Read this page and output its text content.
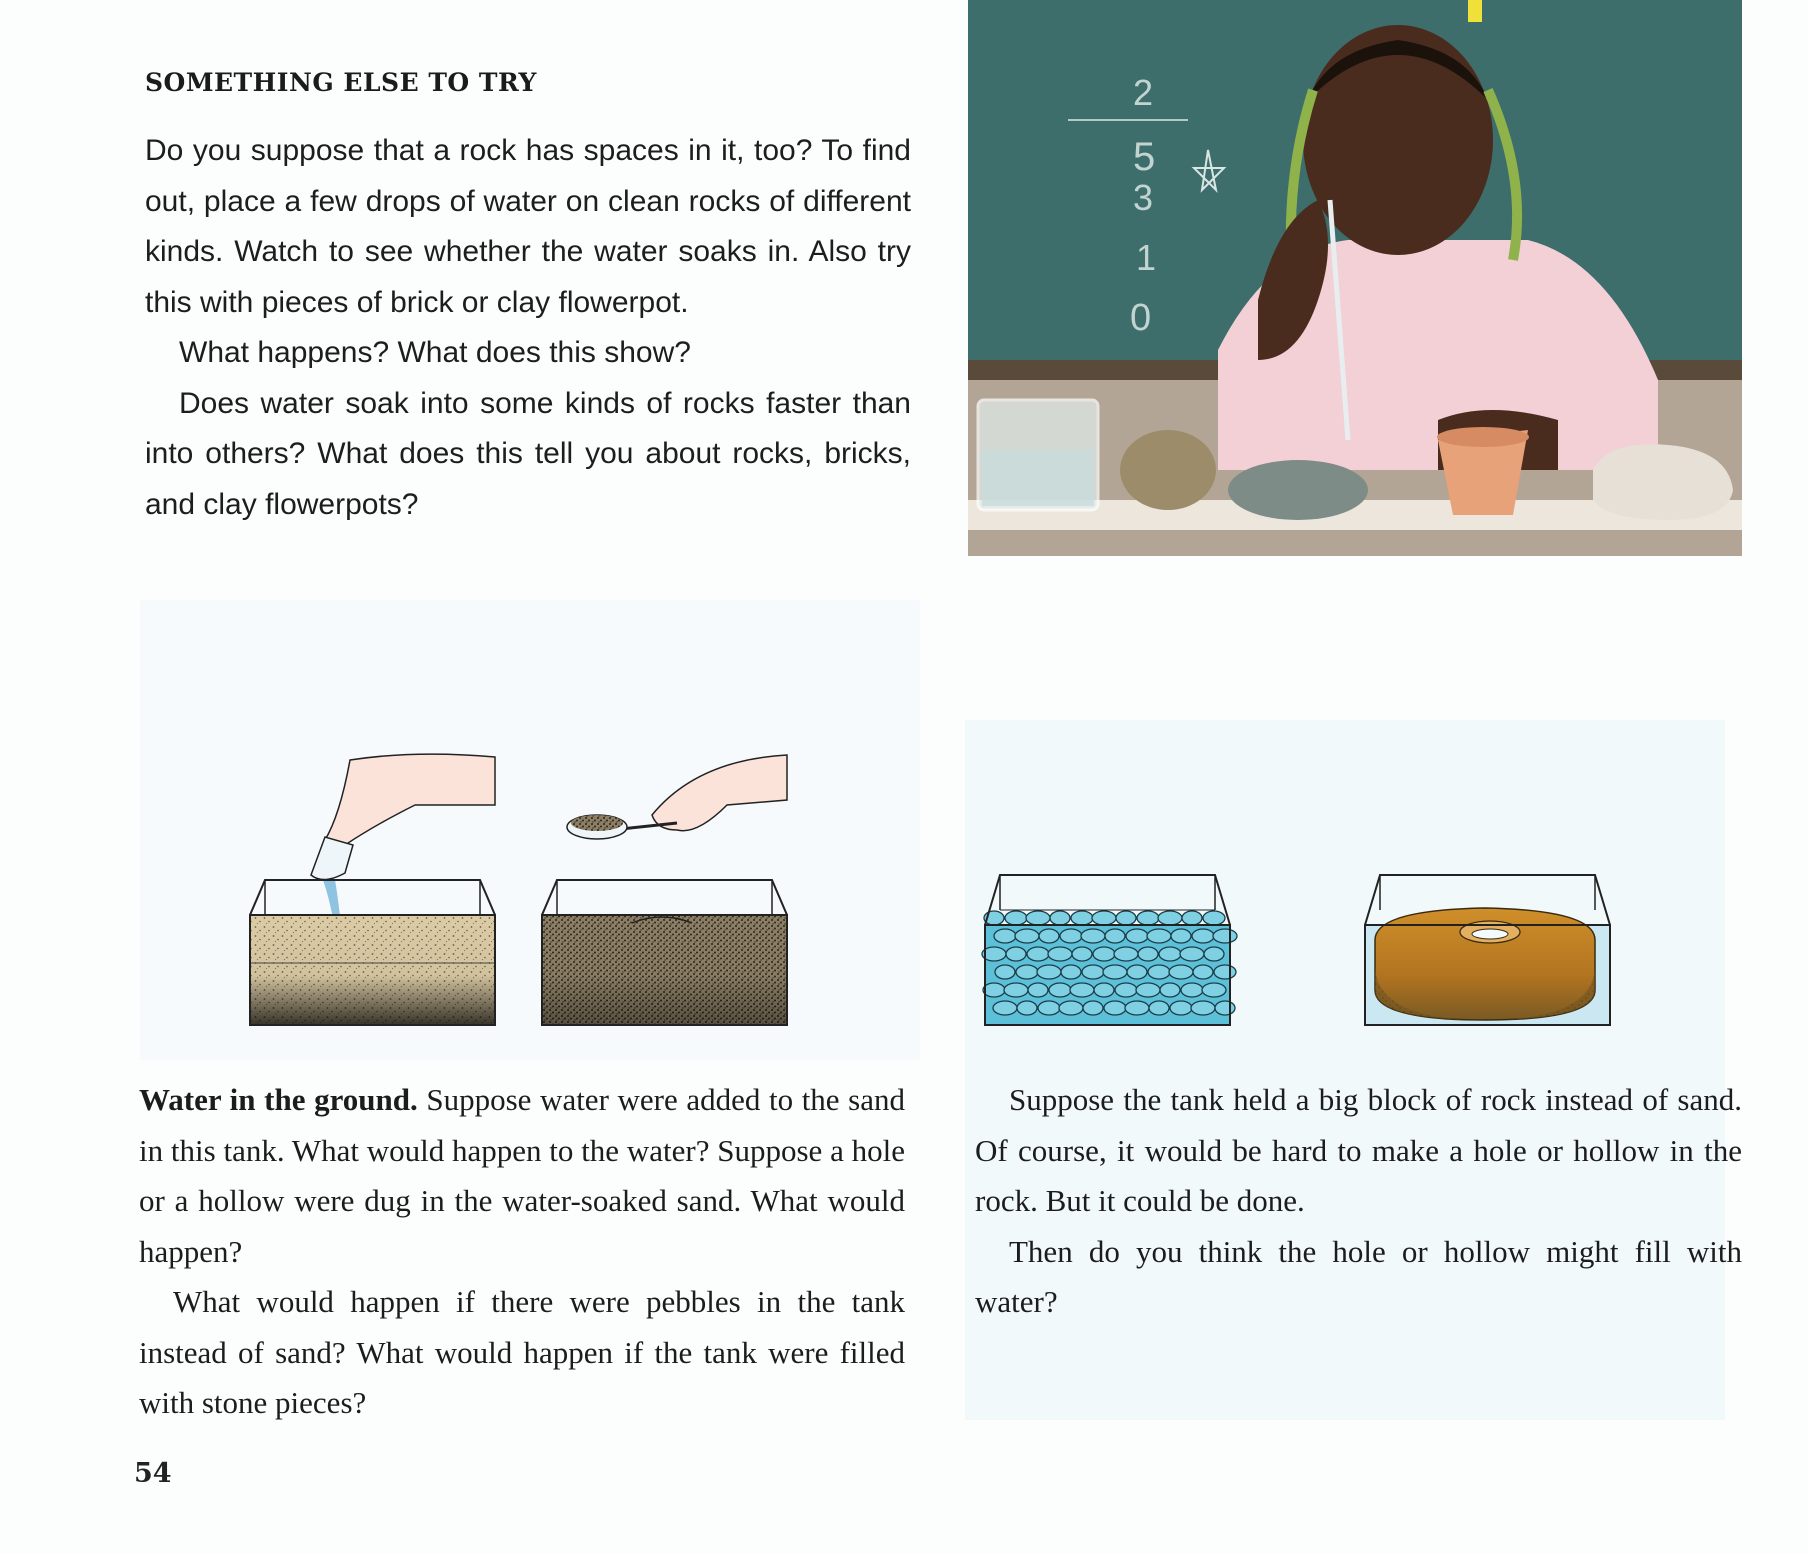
SOMETHING ELSE TO TRY

Do you suppose that a rock has spaces in it, too? To find out, place a few drops of water on clean rocks of different kinds. Watch to see whether the water soaks in. Also try this with pieces of brick or clay flowerpot.

What happens? What does this show?

Does water soak into some kinds of rocks faster than into others? What does this tell you about rocks, bricks, and clay flowerpots?

2
5
3
1
0

Water in the ground. Suppose water were added to the sand in this tank. What would happen to the water? Suppose a hole or a hollow were dug in the water-soaked sand. What would happen?

What would happen if there were pebbles in the tank instead of sand? What would happen if the tank were filled with stone pieces?

Suppose the tank held a big block of rock instead of sand. Of course, it would be hard to make a hole or hollow in the rock. But it could be done.

Then do you think the hole or hollow might fill with water?

54
